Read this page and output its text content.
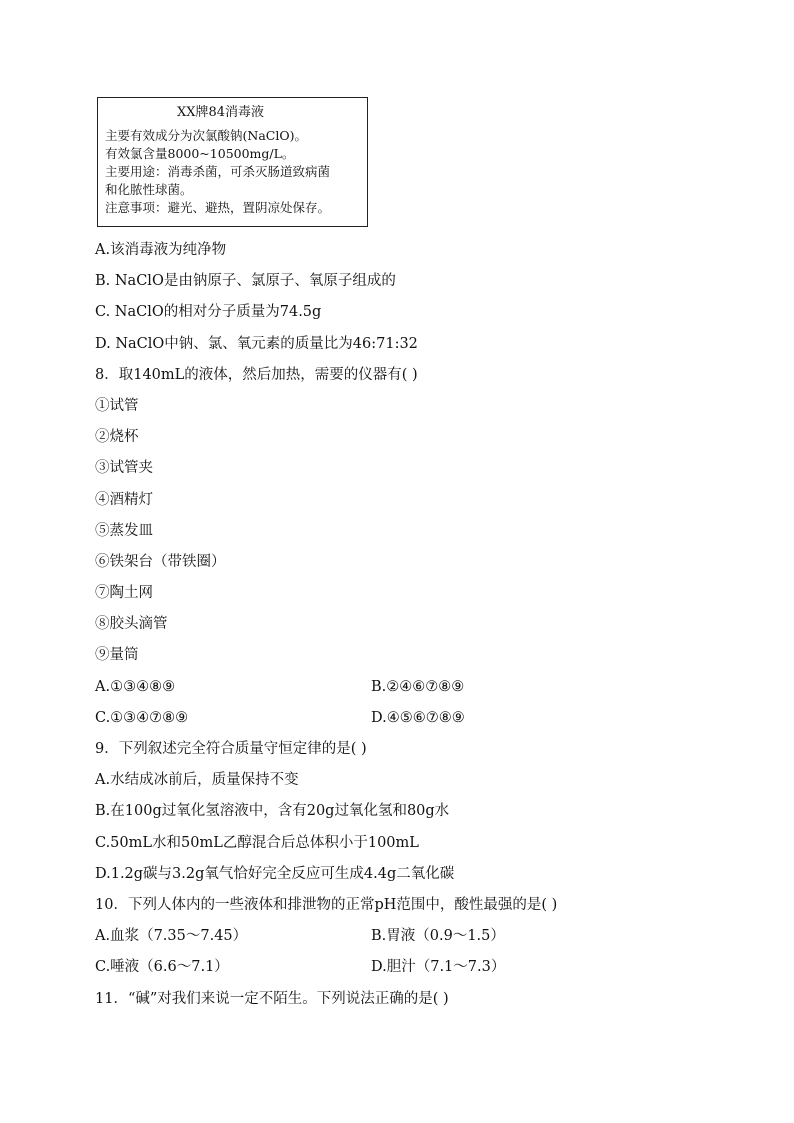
XX牌84消毒液
主要有效成分为次氯酸钠(NaClO)。
有效氯含量8000~10500mg/L。
主要用途：消毒杀菌，可杀灭肠道致病菌
和化脓性球菌。
注意事项：避光、避热，置阴凉处保存。
A.该消毒液为纯净物
B. NaClO是由钠原子、氯原子、氧原子组成的
C. NaClO的相对分子质量为74.5g
D. NaClO中钠、氯、氧元素的质量比为46:71:32
8．取140mL的液体，然后加热，需要的仪器有( )
①试管
②烧杯
③试管夹
④酒精灯
⑤蒸发皿
⑥铁架台（带铁圈）
⑦陶土网
⑧胶头滴管
⑨量筒
A.①③④⑧⑨	B.②④⑥⑦⑧⑨
C.①③④⑦⑧⑨	D.④⑤⑥⑦⑧⑨
9．下列叙述完全符合质量守恒定律的是( )
A.水结成冰前后，质量保持不变
B.在100g过氧化氢溶液中，含有20g过氧化氢和80g水
C.50mL水和50mL乙醇混合后总体积小于100mL
D.1.2g碳与3.2g氧气恰好完全反应可生成4.4g二氧化碳
10．下列人体内的一些液体和排泄物的正常pH范围中，酸性最强的是( )
A.血浆（7.35～7.45）	B.胃液（0.9～1.5）
C.唾液（6.6～7.1）	D.胆汁（7.1～7.3）
11．“碱”对我们来说一定不陌生。下列说法正确的是( )
